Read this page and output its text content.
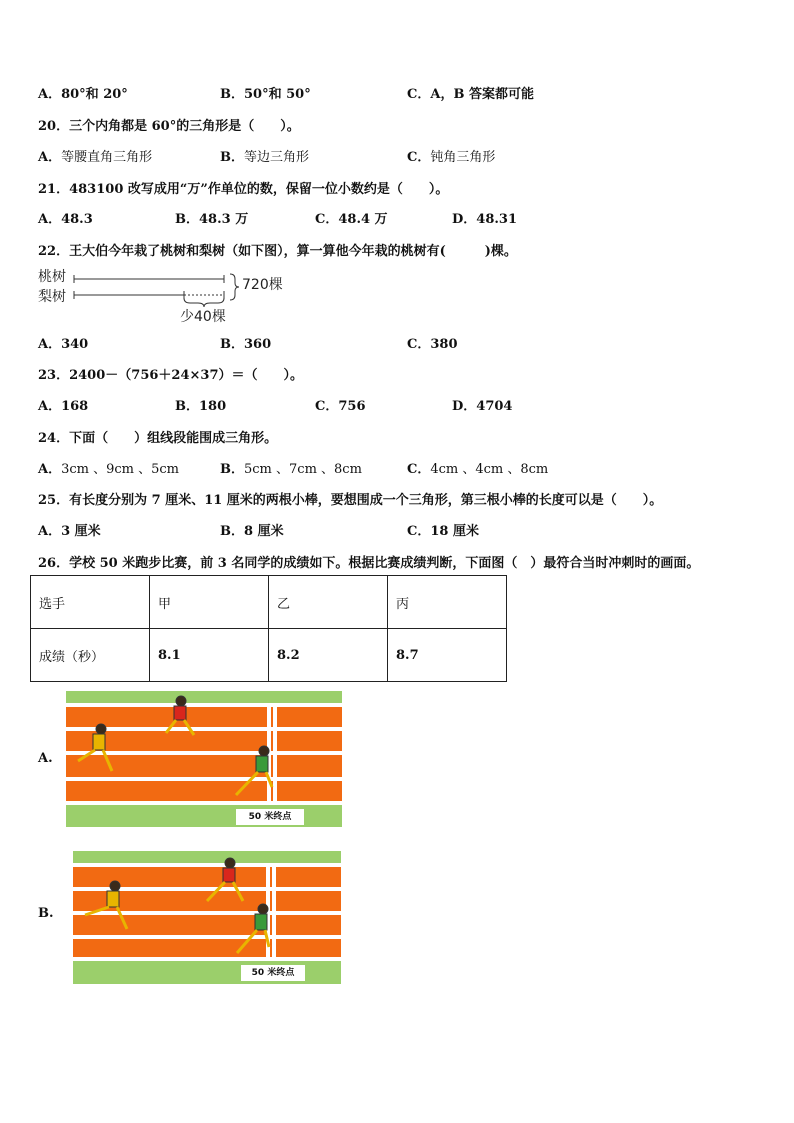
A．80°和 20°	B．50°和 50°	C．A，B 答案都可能
20．三个内角都是 60°的三角形是（　　）。
A．等腰直角三角形	B．等边三角形	C．钝角三角形
21．483100 改写成用“万”作单位的数，保留一位小数约是（　　）。
A．48.3	B．48.3 万	C．48.4 万	D．48.31
22．王大伯今年栽了桃树和梨树（如下图），算一算他今年栽的桃树有(　　　)棵。
桃树
梨树
720棵
少40棵
A．340	B．360	C．380
23．2400－（756＋24×37）＝（　　）。
A．168	B．180	C．756	D．4704
24．下面（　　）组线段能围成三角形。
A．3cm 、9cm 、5cm	B．5cm 、7cm 、8cm	C．4cm 、4cm 、8cm
25．有长度分别为 7 厘米、11 厘米的两根小棒，要想围成一个三角形，第三根小棒的长度可以是（　　）。
A．3 厘米	B．8 厘米	C．18 厘米
26．学校 50 米跑步比赛，前 3 名同学的成绩如下。根据比赛成绩判断，下面图（　）最符合当时冲刺时的画面。
选手	甲	乙	丙
成绩（秒）	8.1	8.2	8.7
A.
50 米终点
B.
50 米终点
